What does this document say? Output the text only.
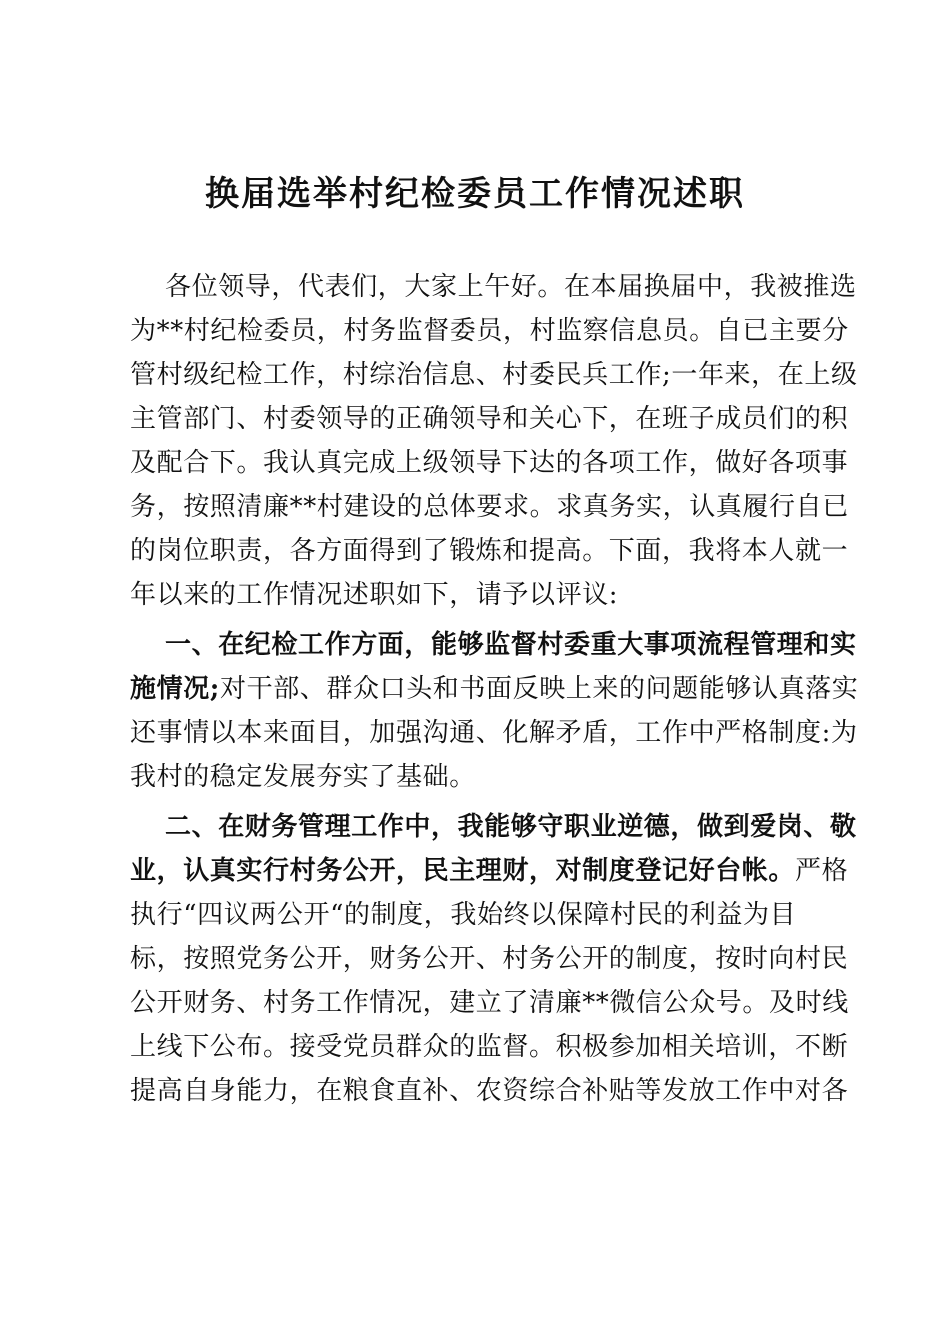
换届选举村纪检委员工作情况述职
各位领导，代表们，大家上午好。在本届换届中，我被推选
为**村纪检委员，村务监督委员，村监察信息员。自已主要分
管村级纪检工作，村综治信息、村委民兵工作;一年来，在上级
主管部门、村委领导的正确领导和关心下，在班子成员们的积
及配合下。我认真完成上级领导下达的各项工作，做好各项事
务，按照清廉**村建设的总体要求。求真务实，认真履行自已
的岗位职责，各方面得到了锻炼和提高。下面，我将本人就一
年以来的工作情况述职如下，请予以评议:
一、在纪检工作方面，能够监督村委重大事项流程管理和实
施情况;对干部、群众口头和书面反映上来的问题能够认真落实
还事情以本来面目，加强沟通、化解矛盾，工作中严格制度:为
我村的稳定发展夯实了基础。
二、在财务管理工作中，我能够守职业逆德，做到爱岗、敬
业，认真实行村务公开，民主理财，对制度登记好台帐。严格
执行“四议两公开“的制度，我始终以保障村民的利益为目
标，按照党务公开，财务公开、村务公开的制度，按时向村民
公开财务、村务工作情况，建立了清廉**微信公众号。及时线
上线下公布。接受党员群众的监督。积极参加相关培训，不断
提高自身能力，在粮食直补、农资综合补贴等发放工作中对各
